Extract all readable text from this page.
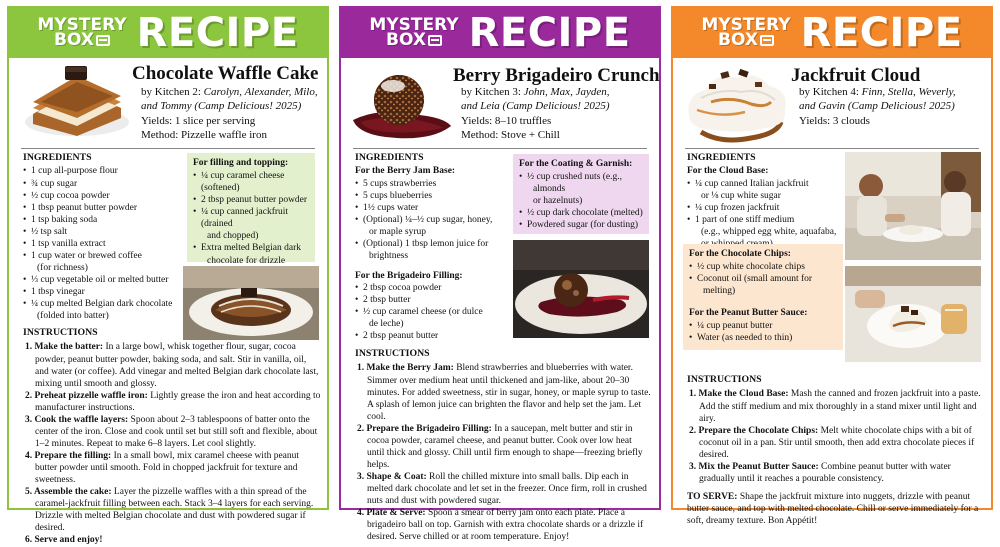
MYSTERY
BOX RECIPE
Chocolate Waffle Cake
by Kitchen 2: Carolyn, Alexander, Milo,
and Tommy (Camp Delicious! 2025)
Yields: 1 slice per serving
Method: Pizzelle waffle iron
INGREDIENTS
• 1 cup all-purpose flour
• ¾ cup sugar
• ½ cup cocoa powder
• 1 tbsp peanut butter powder
• 1 tsp baking soda
• ½ tsp salt
• 1 tsp vanilla extract
• 1 cup water or brewed coffee
(for richness)
• ⅓ cup vegetable oil or melted butter
• 1 tbsp vinegar
• ¼ cup melted Belgian dark chocolate
(folded into batter)
For filling and topping:
• ¼ cup caramel cheese (softened)
• 2 tbsp peanut butter powder
• ¼ cup canned jackfruit (drained
and chopped)
• Extra melted Belgian dark
chocolate for drizzle
•
INSTRUCTIONS
1. Make the batter: In a large bowl, whisk together flour, sugar, cocoa powder, peanut butter powder, baking soda, and salt. Stir in vanilla, oil, and water (or coffee). Add vinegar and melted Belgian dark chocolate last, mixing until smooth and glossy.
2. Preheat pizzelle waffle iron: Lightly grease the iron and heat according to manufacturer instructions.
3. Cook the waffle layers: Spoon about 2–3 tablespoons of batter onto the center of the iron. Close and cook until set but still soft and flexible, about 1–2 minutes. Repeat to make 6–8 layers. Let cool slightly.
4. Prepare the filling: In a small bowl, mix caramel cheese with peanut butter powder until smooth. Fold in chopped jackfruit for texture and sweetness.
5. Assemble the cake: Layer the pizzelle waffles with a thin spread of the caramel-jackfruit filling between each. Stack 3–4 layers for each serving. Drizzle with melted Belgian chocolate and dust with powdered sugar if desired.
6. Serve and enjoy!
MYSTERY
BOX RECIPE
Berry Brigadeiro Crunch
by Kitchen 3: John, Max, Jayden,
and Leia (Camp Delicious! 2025)
Yields: 8–10 truffles
Method: Stove + Chill
INGREDIENTS
For the Berry Jam Base:
• 5 cups strawberries
• 5 cups blueberries
• 1½ cups water
• (Optional) ¼–½ cup sugar, honey,
or maple syrup
• (Optional) 1 tbsp lemon juice for
brightness
For the Brigadeiro Filling:
• 2 tbsp cocoa powder
• 2 tbsp butter
• ½ cup caramel cheese (or dulce
de leche)
• 2 tbsp peanut butter
For the Coating & Garnish:
• ½ cup crushed nuts (e.g.,
almonds
or hazelnuts)
• ½ cup dark chocolate (melted)
• Powdered sugar (for dusting)
INSTRUCTIONS
1. Make the Berry Jam: Blend strawberries and blueberries with water. Simmer over medium heat until thickened and jam-like, about 20–30 minutes. For added sweetness, stir in sugar, honey, or maple syrup to taste. A splash of lemon juice can brighten the flavor and help set the jam. Let cool.
2. Prepare the Brigadeiro Filling: In a saucepan, melt butter and stir in cocoa powder, caramel cheese, and peanut butter. Cook over low heat until thick and glossy. Chill until firm enough to shape—freezing briefly helps.
3. Shape & Coat: Roll the chilled mixture into small balls. Dip each in melted dark chocolate and let set in the freezer. Once firm, roll in crushed nuts and dust with powdered sugar.
4. Plate & Serve: Spoon a smear of berry jam onto each plate. Place a brigadeiro ball on top. Garnish with extra chocolate shards or a drizzle if desired. Serve chilled or at room temperature. Enjoy!
MYSTERY
BOX RECIPE
Jackfruit Cloud
by Kitchen 4: Finn, Stella, Weverly,
and Gavin (Camp Delicious! 2025)
Yields: 3 clouds
INGREDIENTS
For the Cloud Base:
• ¼ cup canned Italian jackfruit
or ⅛ cup white sugar
• ¼ cup frozen jackfruit
• 1 part of one stiff medium
(e.g., whipped egg white, aquafaba,
For the Chocolate Chips:
• ½ cup white chocolate chips
• Coconut oil (small amount for
melting)
For the Peanut Butter Sauce:
• ¼ cup peanut butter
• Water (as needed to thin)
INSTRUCTIONS
1. Make the Cloud Base: Mash the canned and frozen jackfruit into a paste. Add the stiff medium and mix thoroughly in a stand mixer until light and airy.
2. Prepare the Chocolate Chips: Melt white chocolate chips with a bit of coconut oil in a pan. Stir until smooth, then add extra chocolate pieces if desired.
3. Mix the Peanut Butter Sauce: Combine peanut butter with water gradually until it reaches a pourable consistency.
TO SERVE: Shape the jackfruit mixture into nuggets, drizzle with peanut butter sauce, and top with melted chocolate. Chill or serve immediately for a soft, dreamy texture. Bon Appétit!
